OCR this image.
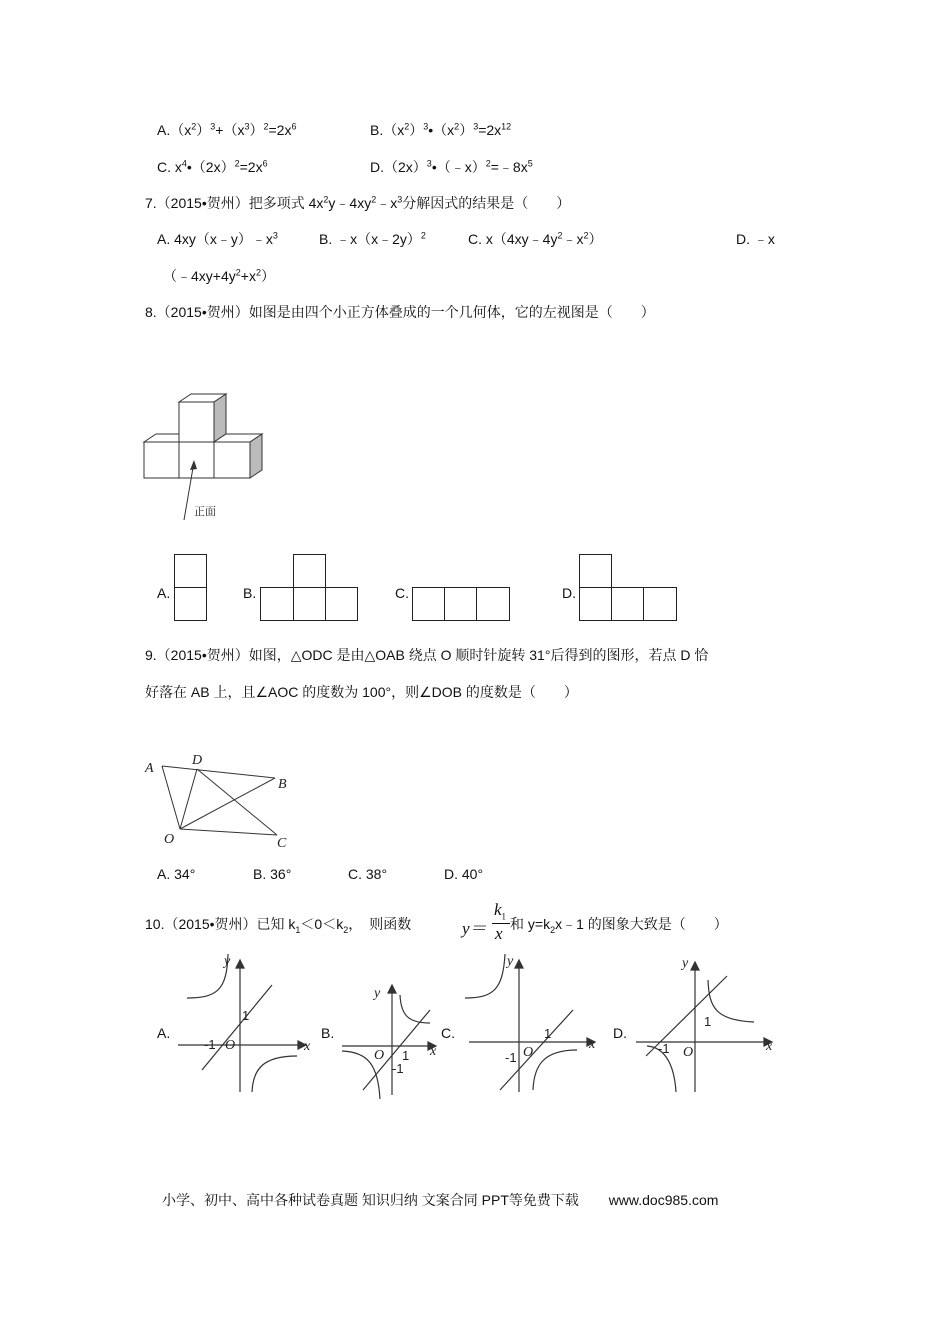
$A.(x^2)^3+(x^3)^2=2x^6$	$B.(x^2)^3•(x^2)^3=2x^{12}$
C. $x^4•(2x)^2=2x^6$	$D.(2x)^3•(﹣x)^2=﹣8x^5$
7.（2015•贺州）把多项式 $4x^2y﹣4xy^2﹣x^3$分解因式的结果是（　　）
A. $4xy(x﹣y)﹣x^3$	B. ﹣x（x﹣2y）$^2$	C. $x(4xy﹣4y^2﹣x^2)$	D. ﹣x
$(﹣4xy+4y^2+x^2)$
8.（2015•贺州）如图是由四个小正方体叠成的一个几何体，它的左视图是（　　）
正面
A.	B.	C.	D.
9.（2015•贺州）如图，△ODC 是由△OAB 绕点 O 顺时针旋转 31°后得到的图形，若点 D 恰
好落在 AB 上，且∠AOC 的度数为 100°，则∠DOB 的度数是（　　）
A
D
B
O	C
A. 34°	B. 36°	C. 38°	D. 40°
10.（2015•贺州）已知 $k_1<0<k_2$，　则函数	y＝
$k_1$
x 和 $y=k_2x﹣1$ 的图象大致是（　　）
A.
x
y
O
1
-1
B.
x
y
O 1
-1
C.
x
y
O
1
-1
D.
x
y
O
1
-1
小学、初中、高中各种试卷真题 知识归纳 文案合同 PPT等免费下载 www.doc985.com
